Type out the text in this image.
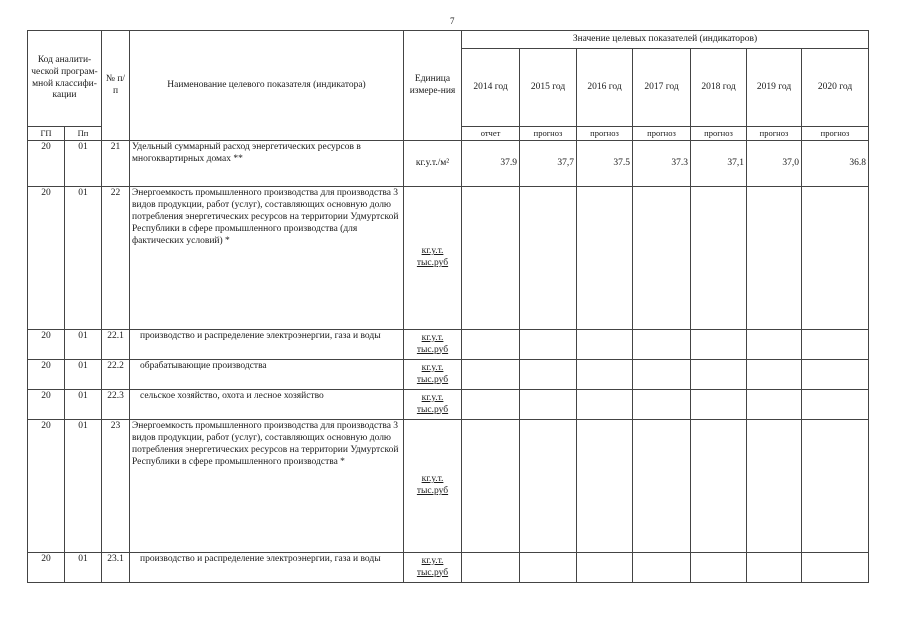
7
Код аналити-ческой програм-мной классифи-кации		№ п/п	Наименование целевого показателя (индикатора)	Единица измере-ния	Значение целевых показателей (индикаторов)						
					2014 год	2015 год	2016 год	2017 год	2018 год	2019 год	2020 год
ГП	Пп				отчет	прогноз	прогноз	прогноз	прогноз	прогноз	прогноз
20	01	21	Удельный суммарный расход энергетических ресурсов в многоквартирных домах **	кг.у.т./м²	37.9	37,7	37.5	37.3	37,1	37,0	36.8
20	01	22	Энергоемкость промышленного производства для производства 3 видов продукции, работ (услуг), составляющих основную долю потребления энергетических ресурсов на территории Удмуртской Республики в сфере промышленного производства (для фактических условий) *	кг.у.т. тыс.руб							
20	01	22.1	производство и распределение электроэнергии, газа и воды	кг.у.т. тыс.руб							
20	01	22.2	обрабатывающие производства	кг.у.т. тыс.руб							
20	01	22.3	сельское хозяйство, охота и лесное хозяйство	кг.у.т. тыс.руб							
20	01	23	Энергоемкость промышленного производства для производства 3 видов продукции, работ (услуг), составляющих основную долю потребления энергетических ресурсов на территории Удмуртской Республики в сфере промышленного производства *	кг.у.т. тыс.руб							
20	01	23.1	производство и распределение электроэнергии, газа и воды	кг.у.т. тыс.руб							
